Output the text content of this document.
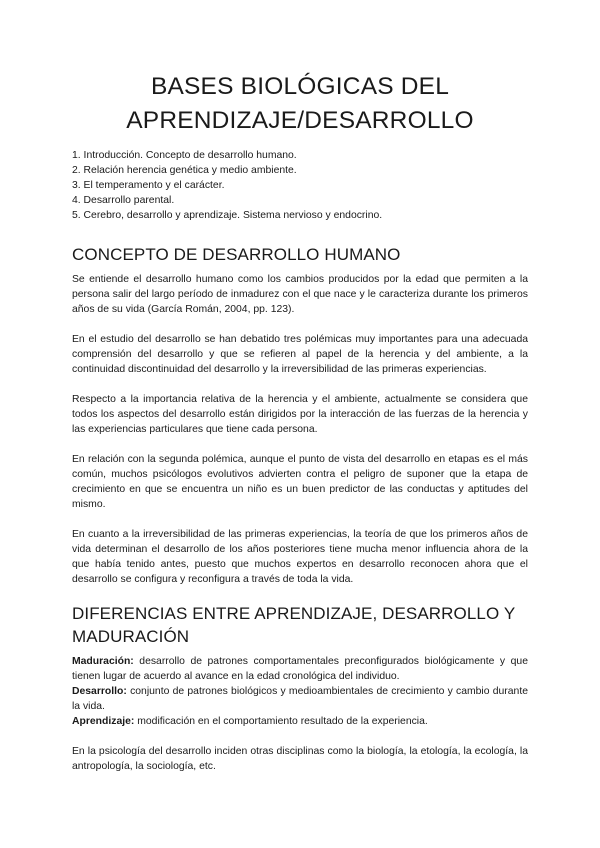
BASES BIOLÓGICAS DEL
APRENDIZAJE/DESARROLLO
1. Introducción. Concepto de desarrollo humano.
2. Relación herencia genética y medio ambiente.
3. El temperamento y el carácter.
4. Desarrollo parental.
5. Cerebro, desarrollo y aprendizaje. Sistema nervioso y endocrino.
CONCEPTO DE DESARROLLO HUMANO

Se entiende el desarrollo humano como los cambios producidos por la edad que permiten a la persona salir del largo período de inmadurez con el que nace y le caracteriza durante los primeros años de su vida (García Román, 2004, pp. 123).

En el estudio del desarrollo se han debatido tres polémicas muy importantes para una adecuada comprensión del desarrollo y que se refieren al papel de la herencia y del ambiente, a la continuidad discontinuidad del desarrollo y la irreversibilidad de las primeras experiencias.

Respecto a la importancia relativa de la herencia y el ambiente, actualmente se considera que todos los aspectos del desarrollo están dirigidos por la interacción de las fuerzas de la herencia y las experiencias particulares que tiene cada persona.

En relación con la segunda polémica, aunque el punto de vista del desarrollo en etapas es el más común, muchos psicólogos evolutivos advierten contra el peligro de suponer que la etapa de crecimiento en que se encuentra un niño es un buen predictor de las conductas y aptitudes del mismo.

En cuanto a la irreversibilidad de las primeras experiencias, la teoría de que los primeros años de vida determinan el desarrollo de los años posteriores tiene mucha menor influencia ahora de la que había tenido antes, puesto que muchos expertos en desarrollo reconocen ahora que el desarrollo se configura y reconfigura a través de toda la vida.

DIFERENCIAS ENTRE APRENDIZAJE, DESARROLLO Y
MADURACIÓN

Maduración: desarrollo de patrones comportamentales preconfigurados biológicamente y que tienen lugar de acuerdo al avance en la edad cronológica del individuo.

Desarrollo: conjunto de patrones biológicos y medioambientales de crecimiento y cambio durante la vida.

Aprendizaje: modificación en el comportamiento resultado de la experiencia.

En la psicología del desarrollo inciden otras disciplinas como la biología, la etología, la ecología, la antropología, la sociología, etc.
